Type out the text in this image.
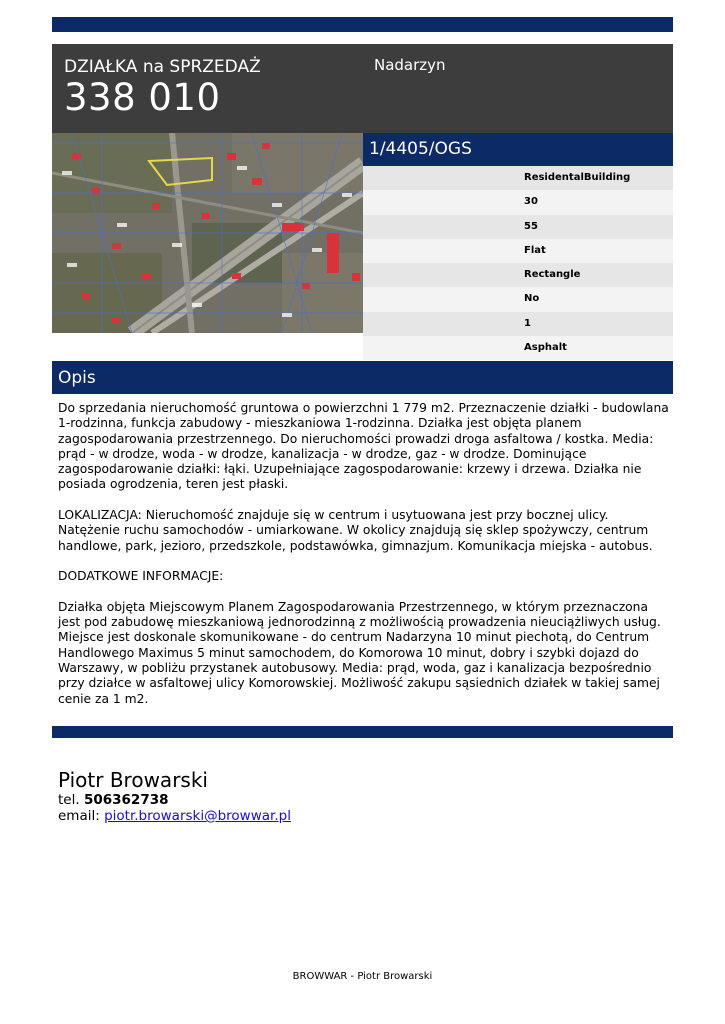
DZIAŁKA na SPRZEDAŻ
338 010
Nadarzyn
1/4405/OGS
ResidentalBuilding
30
55
Flat
Rectangle
No
1
Asphalt
Opis

Do sprzedania nieruchomość gruntowa o powierzchni 1 779 m2. Przeznaczenie działki - budowlana 1-rodzinna, funkcja zabudowy - mieszkaniowa 1-rodzinna. Działka jest objęta planem zagospodarowania przestrzennego. Do nieruchomości prowadzi droga asfaltowa / kostka. Media: prąd - w drodze, woda - w drodze, kanalizacja - w drodze, gaz - w drodze. Dominujące zagospodarowanie działki: łąki. Uzupełniające zagospodarowanie: krzewy i drzewa. Działka nie posiada ogrodzenia, teren jest płaski.

LOKALIZACJA: Nieruchomość znajduje się w centrum i usytuowana jest przy bocznej ulicy. Natężenie ruchu samochodów - umiarkowane. W okolicy znajdują się sklep spożywczy, centrum handlowe, park, jezioro, przedszkole, podstawówka, gimnazjum. Komunikacja miejska - autobus.

DODATKOWE INFORMACJE:

Działka objęta Miejscowym Planem Zagospodarowania Przestrzennego, w którym przeznaczona jest pod zabudowę mieszkaniową jednorodzinną z możliwością prowadzenia nieuciążliwych usług. Miejsce jest doskonale skomunikowane - do centrum Nadarzyna 10 minut piechotą, do Centrum Handlowego Maximus 5 minut samochodem, do Komorowa 10 minut, dobry i szybki dojazd do Warszawy, w pobliżu przystanek autobusowy. Media: prąd, woda, gaz i kanalizacja bezpośrednio przy działce w asfaltowej ulicy Komorowskiej. Możliwość zakupu sąsiednich działek w takiej samej cenie za 1 m2.

Piotr Browarski
tel. 506362738
email: piotr.browarski@browwar.pl
BROWWAR - Piotr Browarski
